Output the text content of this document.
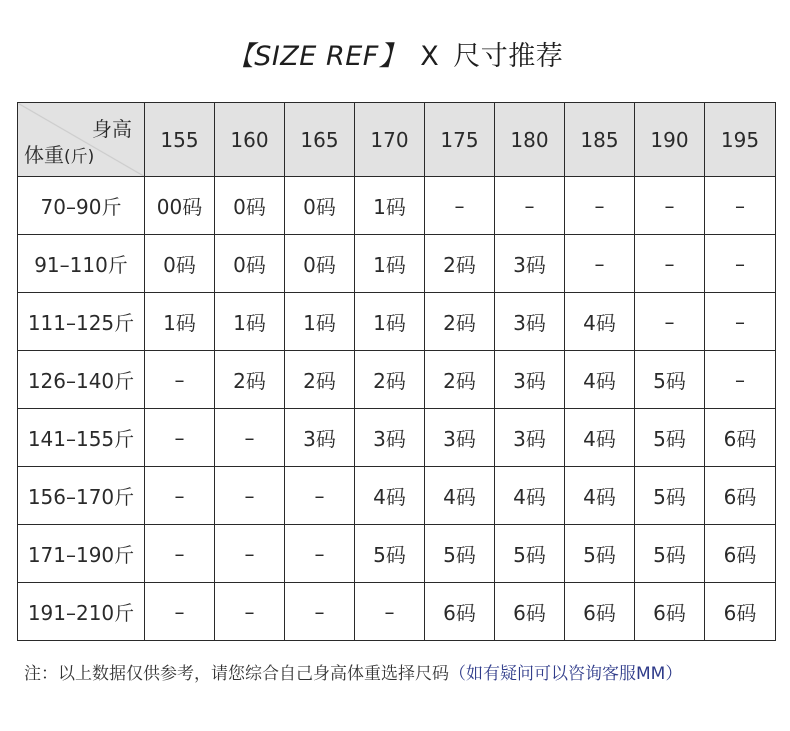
【SIZE REF】 X 尺寸推荐
身高
体重(斤)	155	160	165	170	175	180	185	190	195
70–90斤	00码	0码	0码	1码	–	–	–	–	–
91–110斤	0码	0码	0码	1码	2码	3码	–	–	–
111–125斤	1码	1码	1码	1码	2码	3码	4码	–	–
126–140斤	–	2码	2码	2码	2码	3码	4码	5码	–
141–155斤	–	–	3码	3码	3码	3码	4码	5码	6码
156–170斤	–	–	–	4码	4码	4码	4码	5码	6码
171–190斤	–	–	–	5码	5码	5码	5码	5码	6码
191–210斤	–	–	–	–	6码	6码	6码	6码	6码
注：以上数据仅供参考，请您综合自己身高体重选择尺码（如有疑问可以咨询客服MM）
